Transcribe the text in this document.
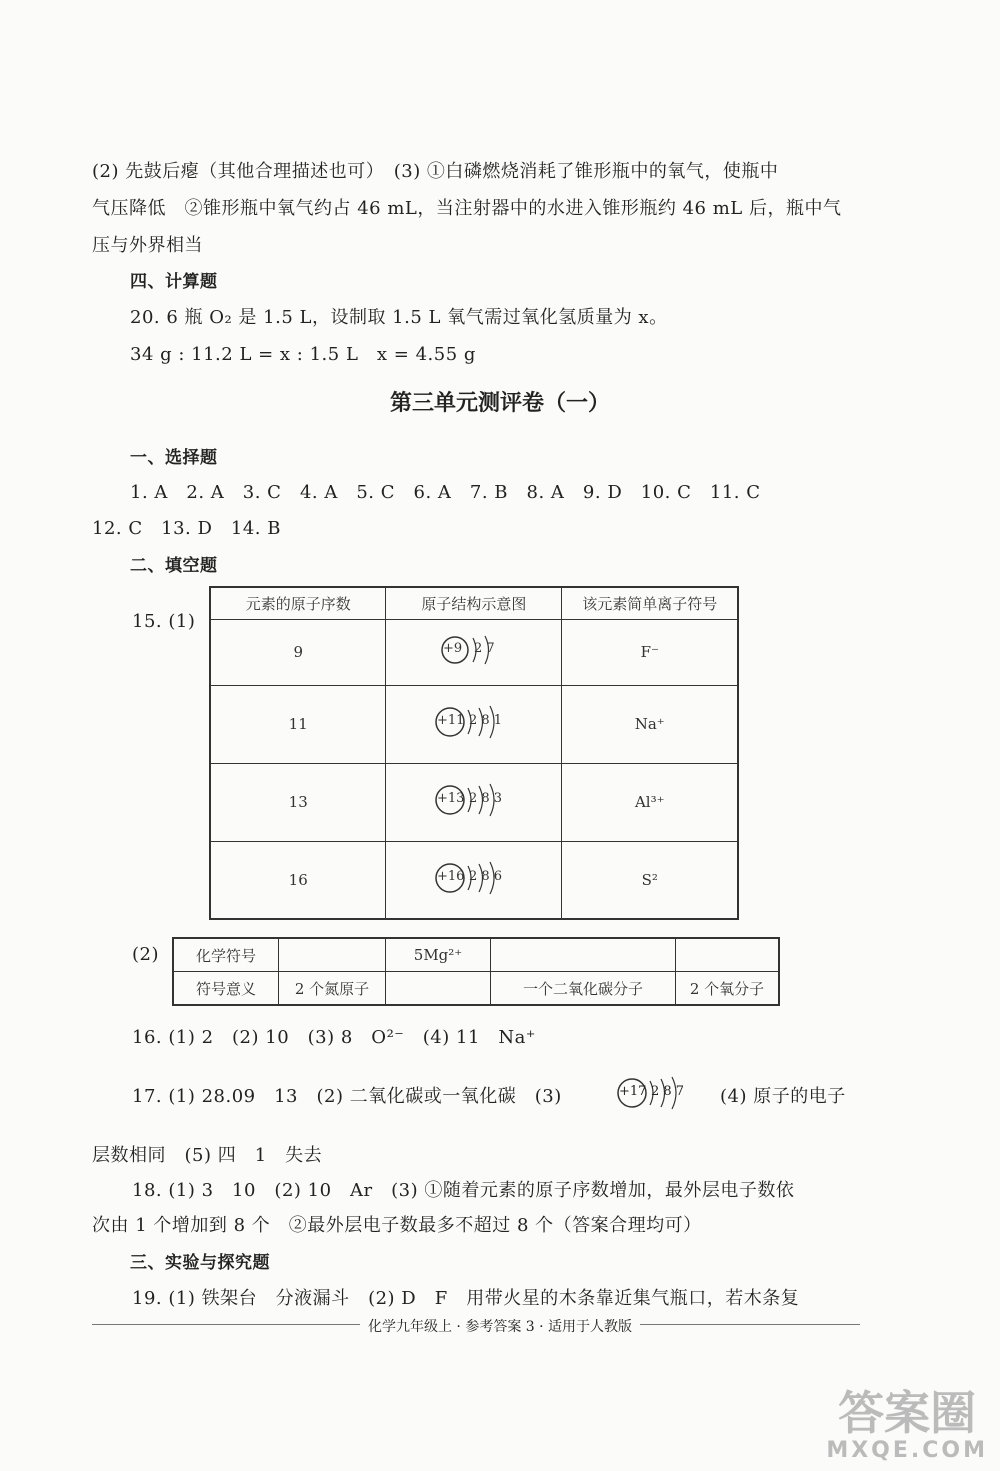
(2) 先鼓后瘪（其他合理描述也可）　(3) ①白磷燃烧消耗了锥形瓶中的氧气，使瓶中
气压降低　②锥形瓶中氧气约占 46 mL，当注射器中的水进入锥形瓶约 46 mL 后，瓶中气
压与外界相当
四、计算题
20. 6 瓶 O₂ 是 1.5 L，设制取 1.5 L 氧气需过氧化氢质量为 x。
34 g : 11.2 L = x : 1.5 L　x = 4.55 g
第三单元测评卷（一）
一、选择题
1. A　2. A　3. C　4. A　5. C　6. A　7. B　8. A　9. D　10. C　11. C
12. C　13. D　14. B
二、填空题
15. (1)
元素的原子序数	原子结构示意图	该元素简单离子符号
9	+9 2 7	F⁻
11	+11 2 8 1	Na⁺
13	+13 2 8 3	Al³⁺
16	+16 2 8 6	S²
(2) 化学符号		5Mg²⁺		
符号意义	2 个氮原子		一个二氧化碳分子	2 个氧分子
16. (1) 2　(2) 10　(3) 8　O²⁻　(4) 11　Na⁺
17. (1) 28.09　13　(2) 二氧化碳或一氧化碳　(3)	+17 2 8 7 (4) 原子的电子
层数相同　(5) 四　1　失去
18. (1) 3　10　(2) 10　Ar　(3) ①随着元素的原子序数增加，最外层电子数依
次由 1 个增加到 8 个　②最外层电子数最多不超过 8 个（答案合理均可）
三、实验与探究题
19. (1) 铁架台　分液漏斗　(2) D　F　用带火星的木条靠近集气瓶口，若木条复
化学九年级上 · 参考答案 3 · 适用于人教版
答案圈
MXQE.COM
